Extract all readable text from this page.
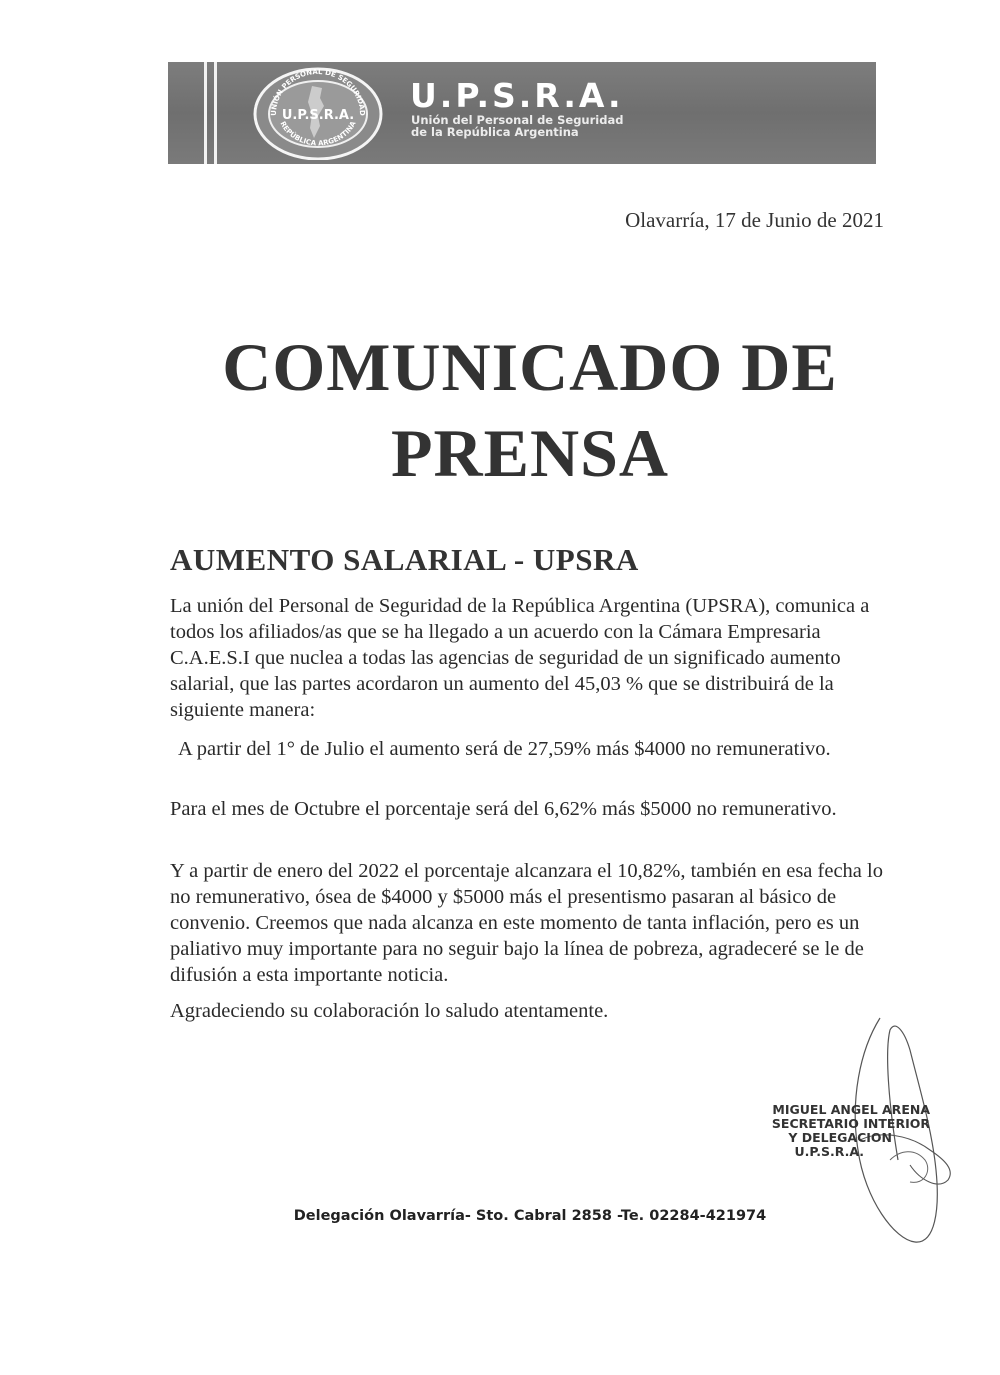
UNIÓN PERSONAL DE SEGURIDAD
U.P.S.R.A.
REPÚBLICA ARGENTINA
U.P.S.R.A.
Unión del Personal de Seguridad
de la República Argentina
Olavarría, 17 de Junio de 2021
COMUNICADO DE
PRENSA
AUMENTO SALARIAL - UPSRA

La unión del Personal de Seguridad de la República Argentina (UPSRA), comunica a todos los afiliados/as que se ha llegado a un acuerdo con la Cámara Empresaria C.A.E.S.I que nuclea a todas las agencias de seguridad de un significado aumento salarial, que las partes acordaron un aumento del 45,03 % que se distribuirá de la siguiente manera:

A partir del 1° de Julio el aumento será de 27,59% más $4000 no remunerativo.

Para el mes de Octubre el porcentaje será del 6,62% más $5000 no remunerativo.

Y a partir de enero del 2022 el porcentaje alcanzara el 10,82%, también en esa fecha lo no remunerativo, ósea de $4000 y $5000 más el presentismo pasaran al básico de convenio. Creemos que nada alcanza en este momento de tanta inflación, pero es un paliativo muy importante para no seguir bajo la línea de pobreza, agradeceré se le de difusión a esta importante noticia.

Agradeciendo su colaboración lo saludo atentamente.

MIGUEL ANGEL ARENA
SECRETARIO INTERIOR
Y DELEGACION
U.P.S.R.A.
Delegación Olavarría- Sto. Cabral 2858 -Te. 02284-421974
